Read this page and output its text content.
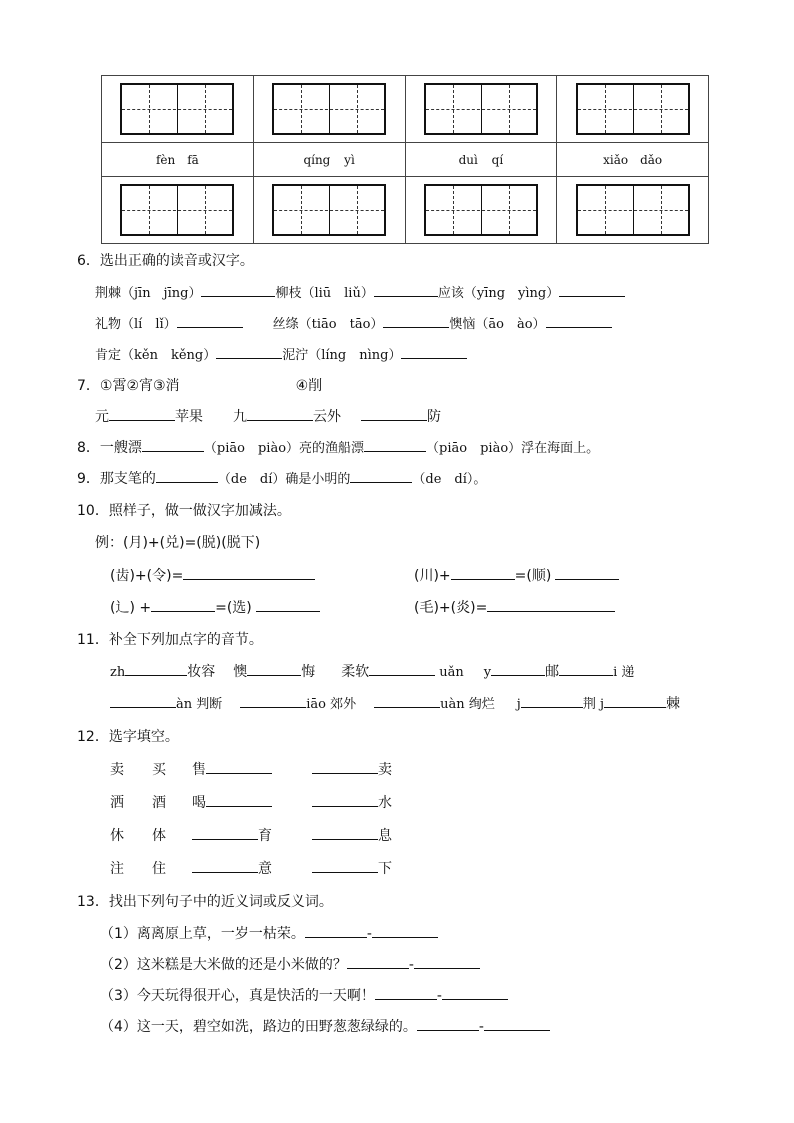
fèn　fā	qíng yì	duì qí	xiǎo　dǎo

6．选出正确的读音或汉字。
荆棘（jīn　jīng）	柳枝（liū　liǔ）	应该（yīng　yìng）
礼物（lí　lǐ）	丝绦（tiāo　tāo）	懊恼（āo　ào）
肯定（kěn　kěng）	泥泞（líng　nìng）
7．①霄②宵③消	④削
元	苹果 九	云外	防
8．一艘漂	（piāo　piào）亮的渔船漂	（piāo　piào）浮在海面上。
9．那支笔的	（de　dí）确是小明的	（de　dí）。
10．照样子，做一做汉字加减法。
例：(月)+(兑)=(脱)(脱下)
(齿)+(令)=	(川)+	=(顺)
(辶) +	=(选)	(毛)+(炎)=
11．补全下列加点字的音节。
zh	妆容 懊	悔 柔软	uǎn y	邮	i 递
àn 判断	iāo 郊外	uàn 绚烂 j	荆 j	棘
12．选字填空。
卖　　买 售	卖
洒　　酒 喝	水
休　　体	育	息
注　　住	意	下
13．找出下列句子中的近义词或反义词。
（1）离离原上草，一岁一枯荣。	-
（2）这米糕是大米做的还是小米做的？	-
（3）今天玩得很开心，真是快活的一天啊！	-
（4）这一天，碧空如洗，路边的田野葱葱绿绿的。	-
